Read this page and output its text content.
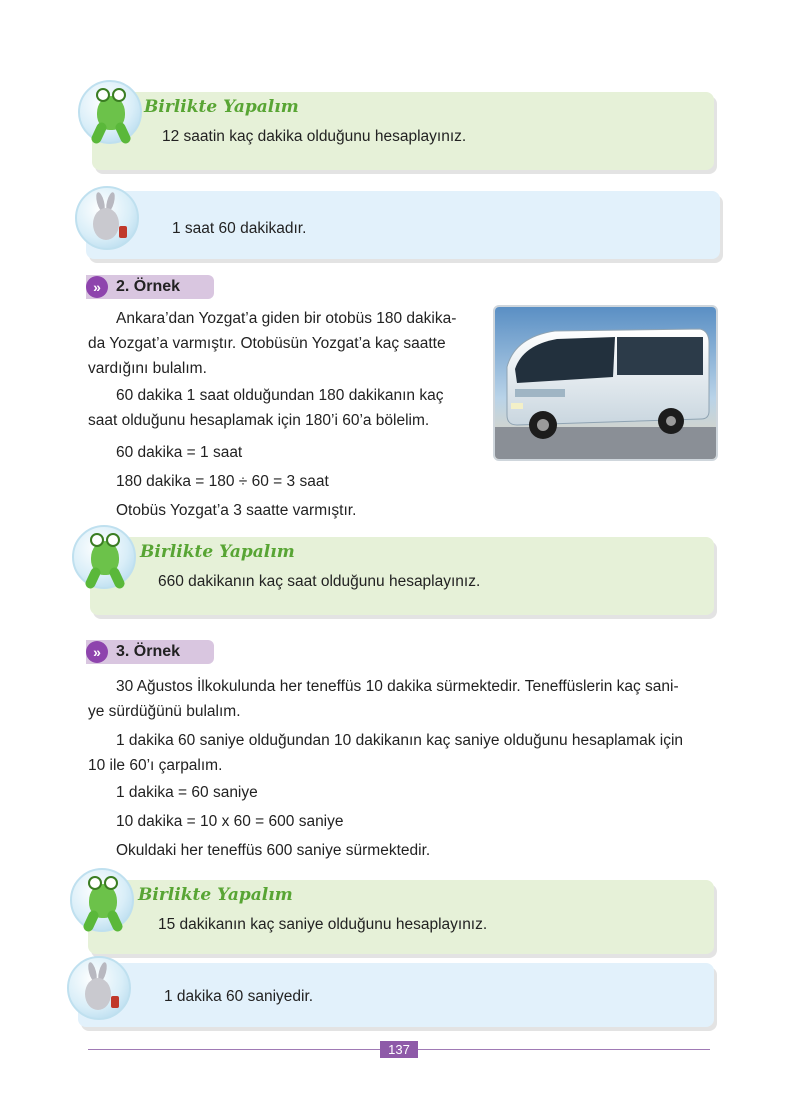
Birlikte Yapalım
12 saatin kaç dakika olduğunu hesaplayınız.
1 saat 60 dakikadır.
» 2. Örnek
Ankara’dan Yozgat’a giden bir otobüs 180 dakika-
da Yozgat’a varmıştır. Otobüsün Yozgat’a kaç saatte
vardığını bulalım.
60 dakika 1 saat olduğundan 180 dakikanın kaç
saat olduğunu hesaplamak için 180’i 60’a bölelim.
60 dakika = 1 saat
180 dakika = 180 ÷ 60 = 3 saat
Otobüs Yozgat’a 3 saatte varmıştır.
Birlikte Yapalım
660 dakikanın kaç saat olduğunu hesaplayınız.
» 3. Örnek
30 Ağustos İlkokulunda her teneffüs 10 dakika sürmektedir. Teneffüslerin kaç sani-
ye sürdüğünü bulalım.
1 dakika 60 saniye olduğundan 10 dakikanın kaç saniye olduğunu hesaplamak için
10 ile 60’ı çarpalım.
1 dakika = 60 saniye
10 dakika = 10 x 60 = 600 saniye
Okuldaki her teneffüs 600 saniye sürmektedir.
Birlikte Yapalım
15 dakikanın kaç saniye olduğunu hesaplayınız.
1 dakika 60 saniyedir.
137
